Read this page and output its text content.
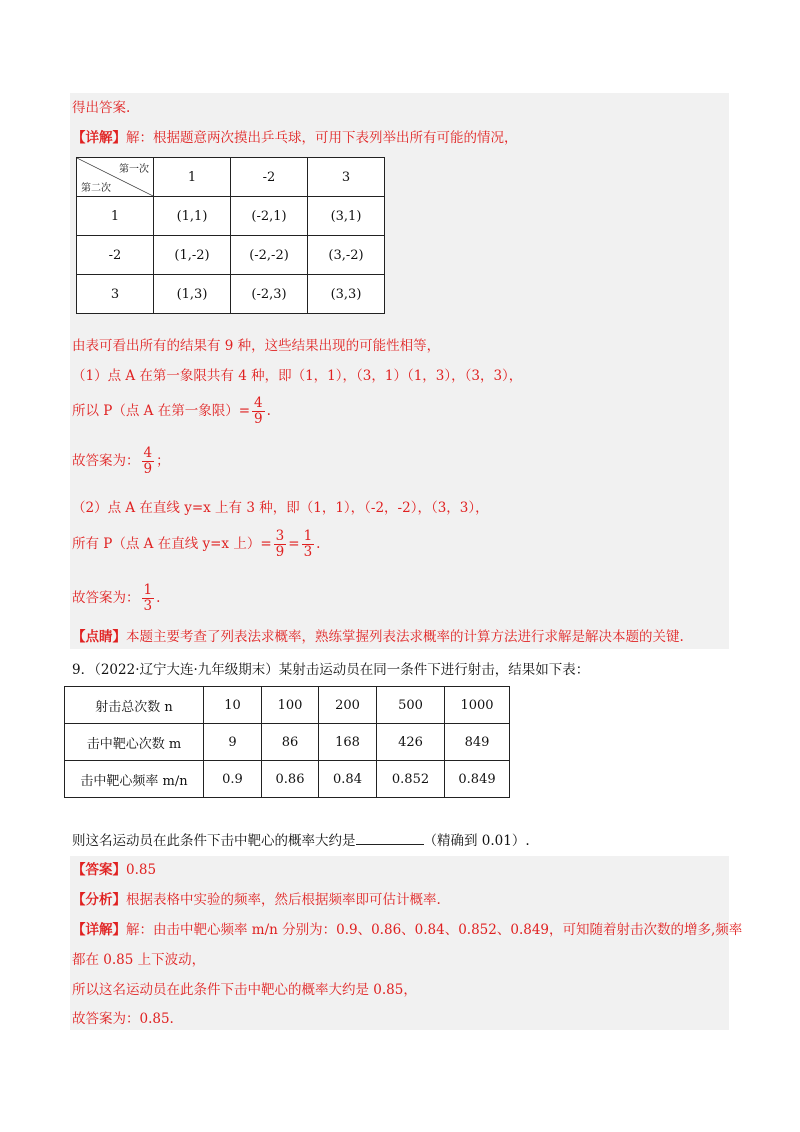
得出答案.
【详解】解：根据题意两次摸出乒乓球，可用下表列举出所有可能的情况，
第一次
第二次	1	-2	3
1	(1,1)	(-2,1)	(3,1)
-2	(1,-2)	(-2,-2)	(3,-2)
3	(1,3)	(-2,3)	(3,3)
由表可看出所有的结果有 9 种，这些结果出现的可能性相等，
（1）点 A 在第一象限共有 4 种，即（1，1），（3，1）（1，3），（3，3），
所以 P（点 A 在第一象限）= $\frac{4}{9}$ .
故答案为： $\frac{4}{9}$ ；
（2）点 A 在直线 y=x 上有 3 种，即（1，1），（-2，-2），（3，3），
所有 P（点 A 在直线 y=x 上）= $\frac{3}{9} = \frac{1}{3}$ .
故答案为： $\frac{1}{3}$ .
【点睛】本题主要考查了列表法求概率，熟练掌握列表法求概率的计算方法进行求解是解决本题的关键.
9．（2022·辽宁大连·九年级期末）某射击运动员在同一条件下进行射击，结果如下表：
射击总次数 n	10	100	200	500	1000
击中靶心次数 m	9	86	168	426	849
击中靶心频率 m/n	0.9	0.86	0.84	0.852	0.849
则这名运动员在此条件下击中靶心的概率大约是	（精确到 0.01）.
【答案】0.85
【分析】根据表格中实验的频率，然后根据频率即可估计概率.
【详解】解：由击中靶心频率 m/n 分别为：0.9、0.86、0.84、0.852、0.849，可知随着射击次数的增多,频率
都在 0.85 上下波动，
所以这名运动员在此条件下击中靶心的概率大约是 0.85，
故答案为：0.85.
